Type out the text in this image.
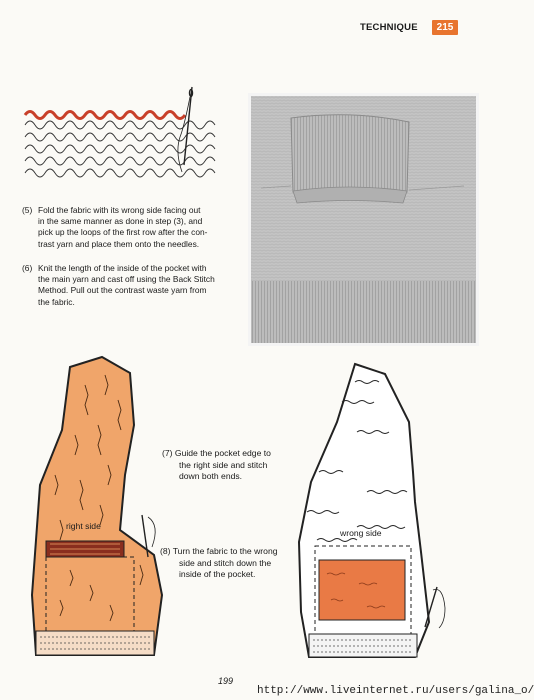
TECHNIQUE	215
(5) Fold the fabric with its wrong side facing out
in the same manner as done in step (3), and
pick up the loops of the first row after the con-
trast yarn and place them onto the needles.
(6) Knit the length of the inside of the pocket with
the main yarn and cast off using the Back Stitch
Method. Pull out the contrast waste yarn from
the fabric.
right side
(7) Guide the pocket edge to
the right side and stitch
down both ends.
(8) Turn the fabric to the wrong
side and stitch down the
inside of the pocket.
wrong side
199
http://www.liveinternet.ru/users/galina_o/
